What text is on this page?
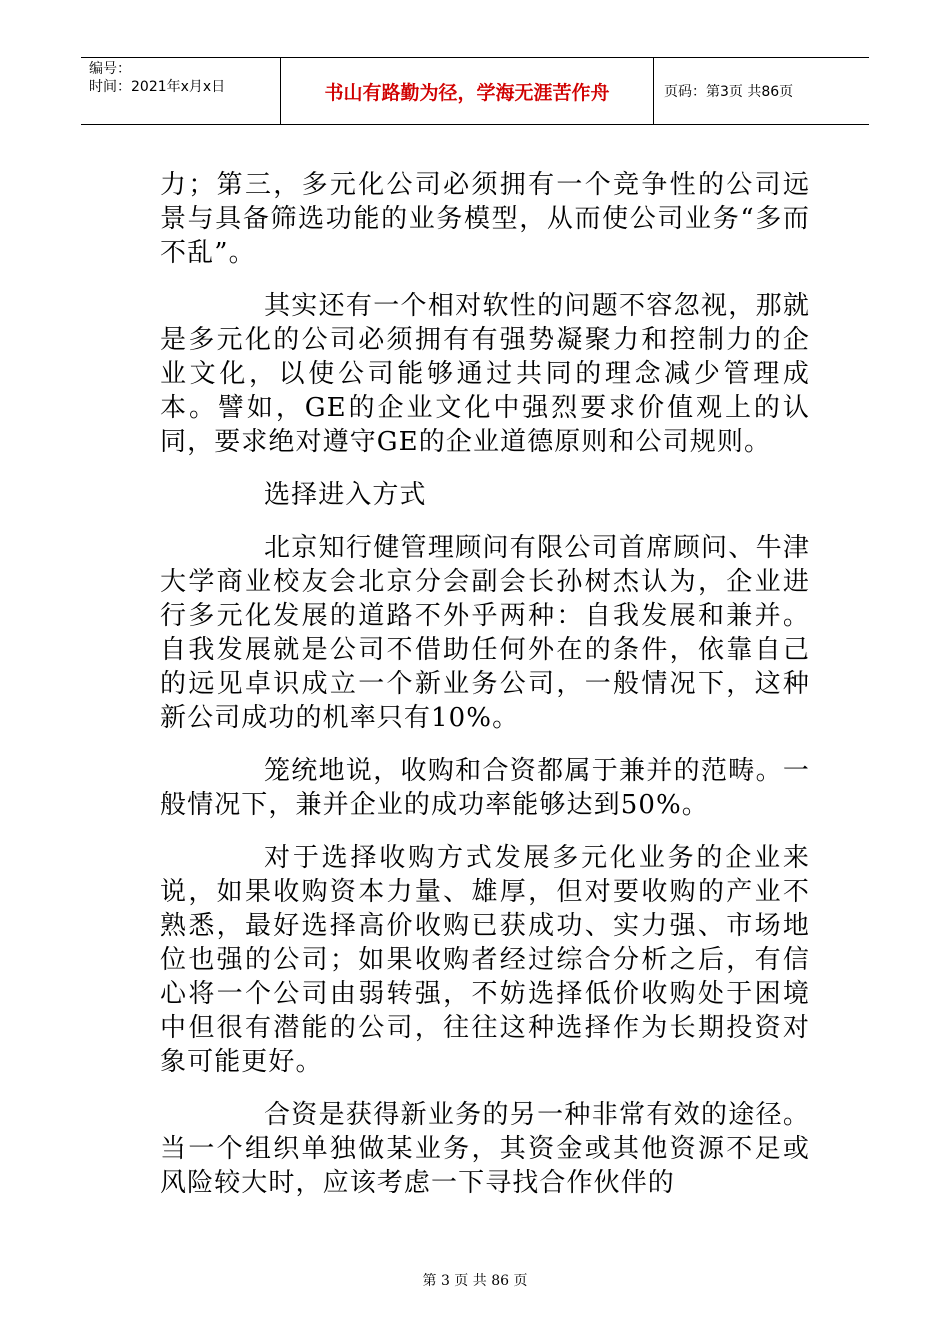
编号：
时间：2021年x月x日	书山有路勤为径，学海无涯苦作舟	页码：第3页 共86页

力；第三，多元化公司必须拥有一个竞争性的公司远景与具备筛选功能的业务模型，从而使公司业务“多而不乱”。

其实还有一个相对软性的问题不容忽视，那就是多元化的公司必须拥有有强势凝聚力和控制力的企业文化，以使公司能够通过共同的理念减少管理成本。譬如，GE的企业文化中强烈要求价值观上的认同，要求绝对遵守GE的企业道德原则和公司规则。

选择进入方式

北京知行健管理顾问有限公司首席顾问、牛津大学商业校友会北京分会副会长孙树杰认为，企业进行多元化发展的道路不外乎两种：自我发展和兼并。自我发展就是公司不借助任何外在的条件，依靠自己的远见卓识成立一个新业务公司，一般情况下，这种新公司成功的机率只有10%。

笼统地说，收购和合资都属于兼并的范畴。一般情况下，兼并企业的成功率能够达到50%。

对于选择收购方式发展多元化业务的企业来说，如果收购资本力量、雄厚，但对要收购的产业不熟悉，最好选择高价收购已获成功、实力强、市场地位也强的公司；如果收购者经过综合分析之后，有信心将一个公司由弱转强，不妨选择低价收购处于困境中但很有潜能的公司，往往这种选择作为长期投资对象可能更好。

合资是获得新业务的另一种非常有效的途径。当一个组织单独做某业务，其资金或其他资源不足或风险较大时，应该考虑一下寻找合作伙伴的

第 3 页 共 86 页
